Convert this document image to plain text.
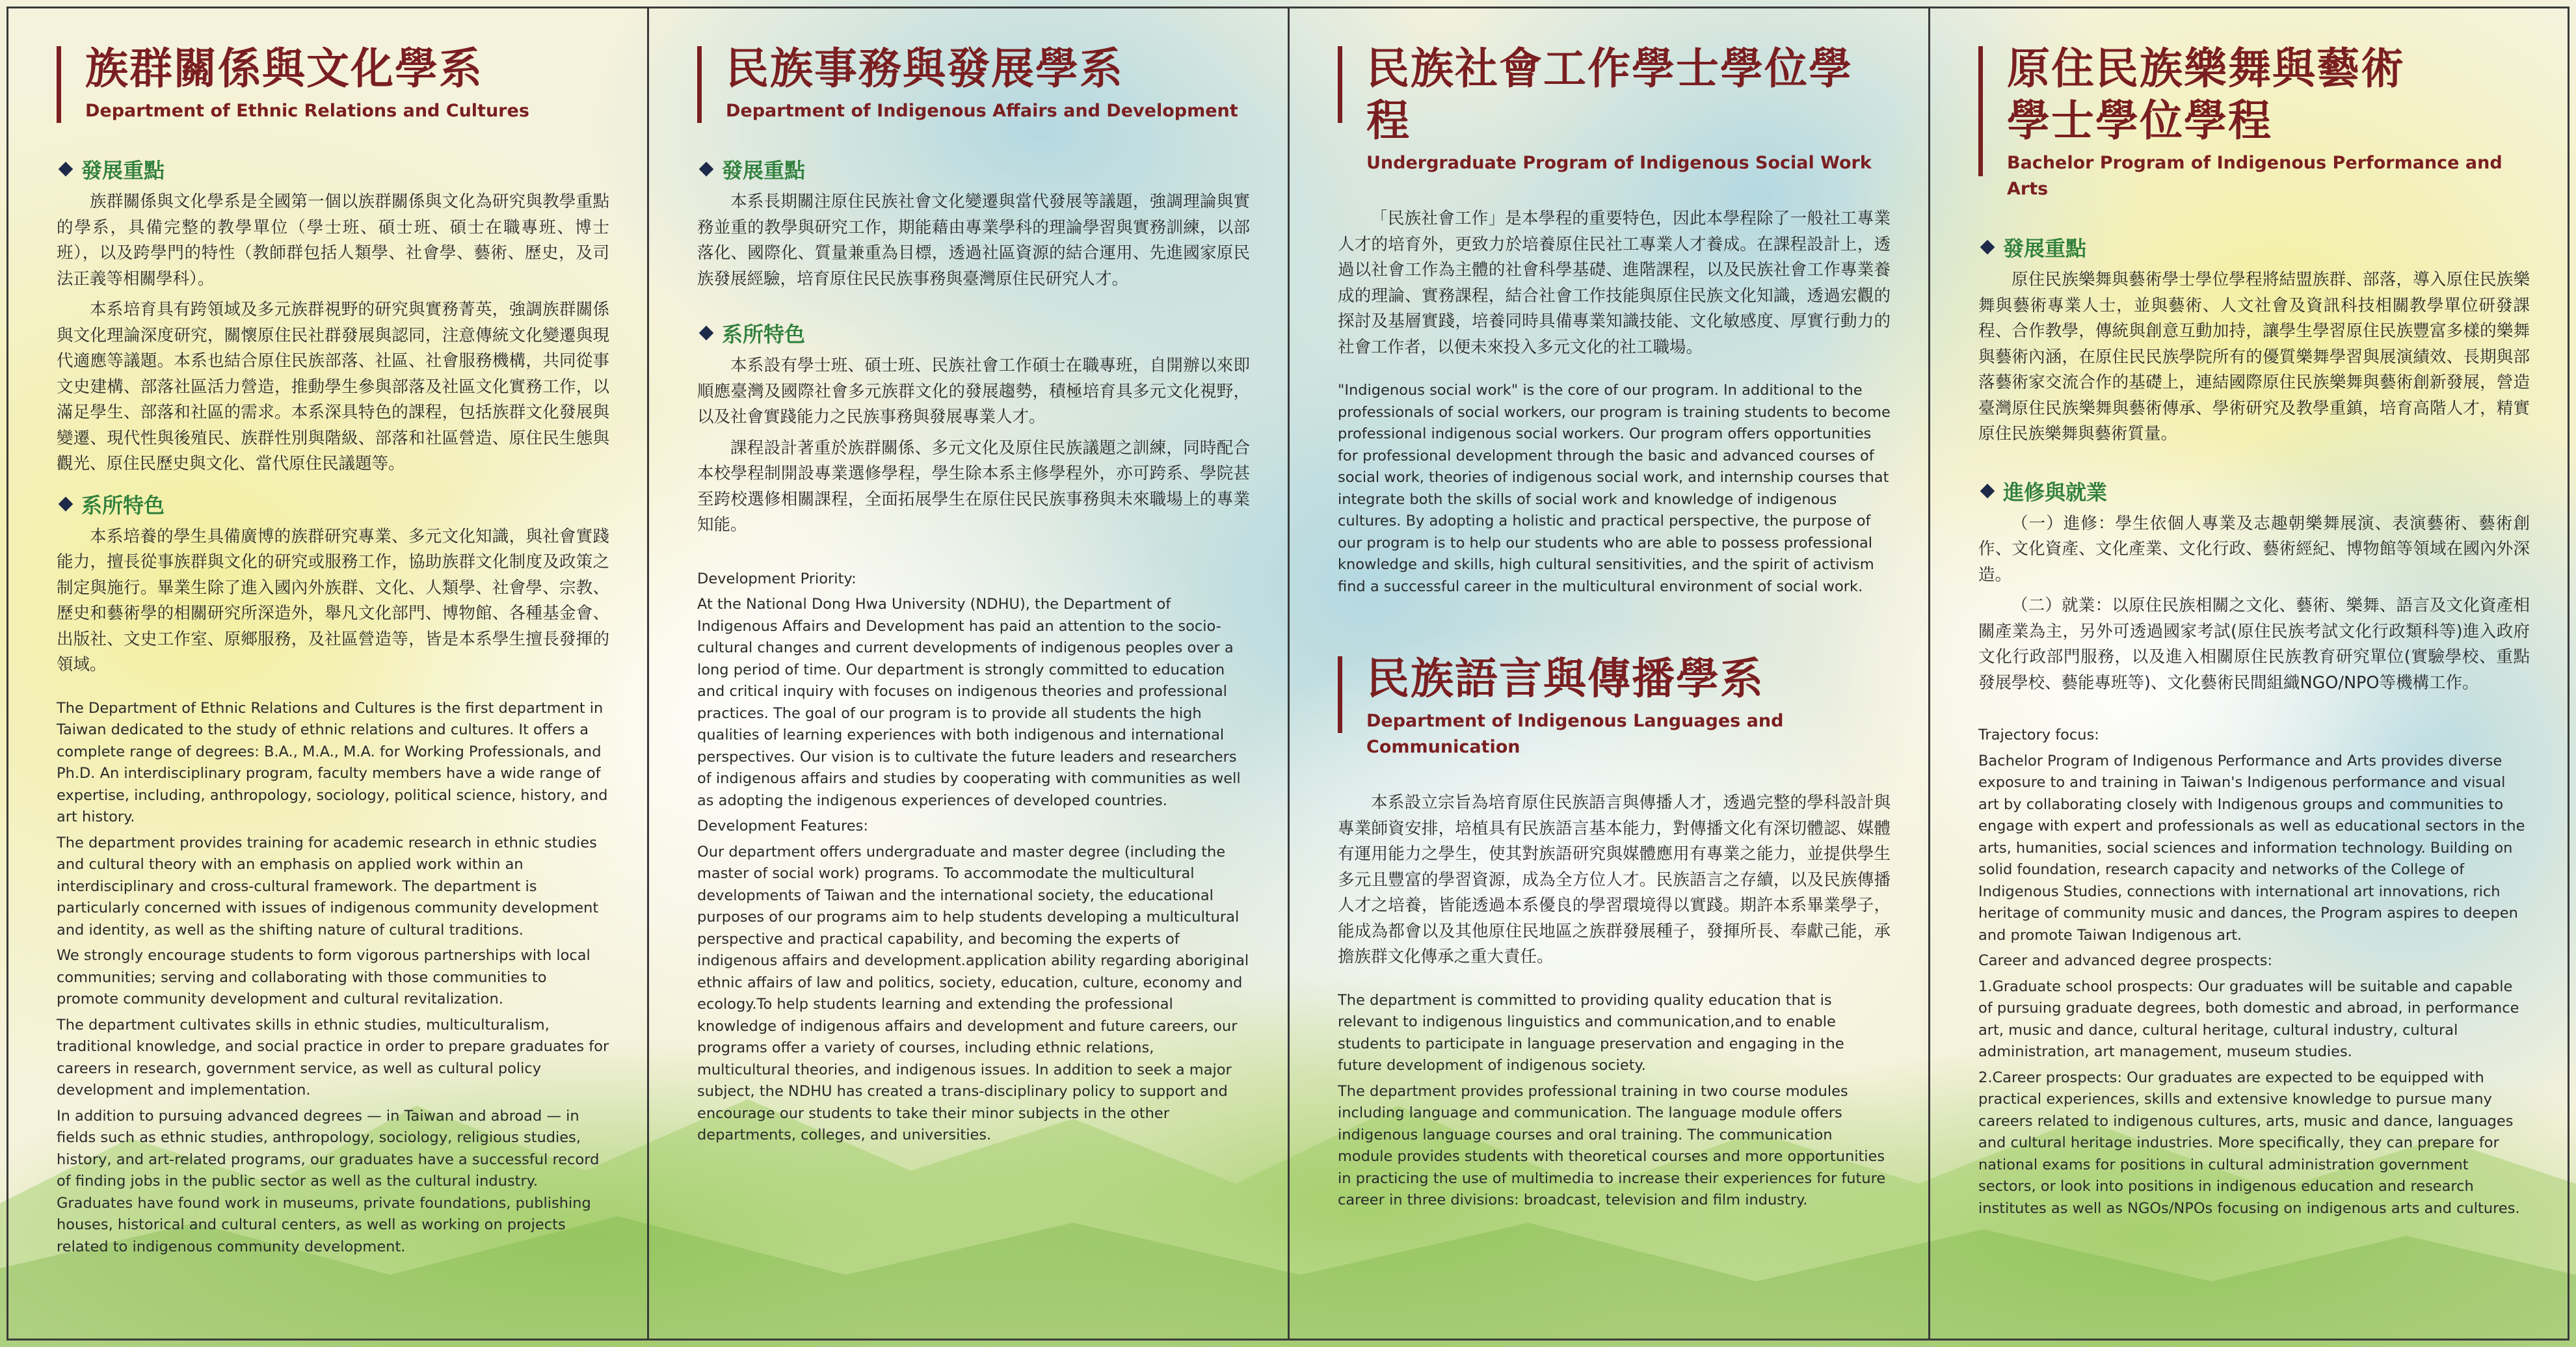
族群關係與文化學系
Department of Ethnic Relations and Cultures
發展重點

族群關係與文化學系是全國第一個以族群關係與文化為研究與教學重點的學系，具備完整的教學單位（學士班、碩士班、碩士在職專班、博士班），以及跨學門的特性（教師群包括人類學、社會學、藝術、歷史，及司法正義等相關學科）。

本系培育具有跨領域及多元族群視野的研究與實務菁英，強調族群關係與文化理論深度研究，關懷原住民社群發展與認同，注意傳統文化變遷與現代適應等議題。本系也結合原住民族部落、社區、社會服務機構，共同從事文史建構、部落社區活力營造，推動學生參與部落及社區文化實務工作，以滿足學生、部落和社區的需求。本系深具特色的課程，包括族群文化發展與變遷、現代性與後殖民、族群性別與階級、部落和社區營造、原住民生態與觀光、原住民歷史與文化、當代原住民議題等。

系所特色

本系培養的學生具備廣博的族群研究專業、多元文化知識，與社會實踐能力，擅長從事族群與文化的研究或服務工作，協助族群文化制度及政策之制定與施行。畢業生除了進入國內外族群、文化、人類學、社會學、宗教、歷史和藝術學的相關研究所深造外，舉凡文化部門、博物館、各種基金會、出版社、文史工作室、原鄉服務，及社區營造等，皆是本系學生擅長發揮的領域。

The Department of Ethnic Relations and Cultures is the first department in Taiwan dedicated to the study of ethnic relations and cultures. It offers a complete range of degrees: B.A., M.A., M.A. for Working Professionals, and Ph.D. An interdisciplinary program, faculty members have a wide range of expertise, including, anthropology, sociology, political science, history, and art history.

The department provides training for academic research in ethnic studies and cultural theory with an emphasis on applied work within an interdisciplinary and cross-cultural framework. The department is particularly concerned with issues of indigenous community development and identity, as well as the shifting nature of cultural traditions.

We strongly encourage students to form vigorous partnerships with local communities; serving and collaborating with those communities to promote community development and cultural revitalization.

The department cultivates skills in ethnic studies, multiculturalism, traditional knowledge, and social practice in order to prepare graduates for careers in research, government service, as well as cultural policy development and implementation.

In addition to pursuing advanced degrees — in Taiwan and abroad — in fields such as ethnic studies, anthropology, sociology, religious studies, history, and art-related programs, our graduates have a successful record of finding jobs in the public sector as well as the cultural industry. Graduates have found work in museums, private foundations, publishing houses, historical and cultural centers, as well as working on projects related to indigenous community development.

民族事務與發展學系
Department of Indigenous Affairs and Development
發展重點

本系長期關注原住民族社會文化變遷與當代發展等議題，強調理論與實務並重的教學與研究工作，期能藉由專業學科的理論學習與實務訓練，以部落化、國際化、質量兼重為目標，透過社區資源的結合運用、先進國家原民族發展經驗，培育原住民民族事務與臺灣原住民研究人才。

系所特色

本系設有學士班、碩士班、民族社會工作碩士在職專班，自開辦以來即順應臺灣及國際社會多元族群文化的發展趨勢，積極培育具多元文化視野，以及社會實踐能力之民族事務與發展專業人才。

課程設計著重於族群關係、多元文化及原住民族議題之訓練，同時配合本校學程制開設專業選修學程，學生除本系主修學程外，亦可跨系、學院甚至跨校選修相關課程，全面拓展學生在原住民民族事務與未來職場上的專業知能。

Development Priority:

At the National Dong Hwa University (NDHU), the Department of Indigenous Affairs and Development has paid an attention to the socio-cultural changes and current developments of indigenous peoples over a long period of time. Our department is strongly committed to education and critical inquiry with focuses on indigenous theories and professional practices. The goal of our program is to provide all students the high qualities of learning experiences with both indigenous and international perspectives. Our vision is to cultivate the future leaders and researchers of indigenous affairs and studies by cooperating with communities as well as adopting the indigenous experiences of developed countries.

Development Features:

Our department offers undergraduate and master degree (including the master of social work) programs. To accommodate the multicultural developments of Taiwan and the international society, the educational purposes of our programs aim to help students developing a multicultural perspective and practical capability, and becoming the experts of indigenous affairs and development.application ability regarding aboriginal ethnic affairs of law and politics, society, education, culture, economy and ecology.To help students learning and extending the professional knowledge of indigenous affairs and development and future careers, our programs offer a variety of courses, including ethnic relations, multicultural theories, and indigenous issues. In addition to seek a major subject, the NDHU has created a trans-disciplinary policy to support and encourage our students to take their minor subjects in the other departments, colleges, and universities.

民族社會工作學士學位學程
Undergraduate Program of Indigenous Social Work

「民族社會工作」是本學程的重要特色，因此本學程除了一般社工專業人才的培育外，更致力於培養原住民社工專業人才養成。在課程設計上，透過以社會工作為主體的社會科學基礎、進階課程，以及民族社會工作專業養成的理論、實務課程，結合社會工作技能與原住民族文化知識，透過宏觀的探討及基層實踐，培養同時具備專業知識技能、文化敏感度、厚實行動力的社會工作者，以便未來投入多元文化的社工職場。

"Indigenous social work" is the core of our program. In additional to the professionals of social workers, our program is training students to become professional indigenous social workers. Our program offers opportunities for professional development through the basic and advanced courses of social work, theories of indigenous social work, and internship courses that integrate both the skills of social work and knowledge of indigenous cultures. By adopting a holistic and practical perspective, the purpose of our program is to help our students who are able to possess professional knowledge and skills, high cultural sensitivities, and the spirit of activism find a successful career in the multicultural environment of social work.

民族語言與傳播學系
Department of Indigenous Languages and Communication

本系設立宗旨為培育原住民族語言與傳播人才，透過完整的學科設計與專業師資安排，培植具有民族語言基本能力，對傳播文化有深切體認、媒體有運用能力之學生，使其對族語研究與媒體應用有專業之能力，並提供學生多元且豐富的學習資源，成為全方位人才。民族語言之存續，以及民族傳播人才之培養，皆能透過本系優良的學習環境得以實踐。期許本系畢業學子，能成為都會以及其他原住民地區之族群發展種子，發揮所長、奉獻己能，承擔族群文化傳承之重大責任。

The department is committed to providing quality education that is relevant to indigenous linguistics and communication,and to enable students to participate in language preservation and engaging in the future development of indigenous society.

The department provides professional training in two course modules including language and communication. The language module offers indigenous language courses and oral training. The communication module provides students with theoretical courses and more opportunities in practicing the use of multimedia to increase their experiences for future career in three divisions: broadcast, television and film industry.

原住民族樂舞與藝術
學士學位學程
Bachelor Program of Indigenous Performance and Arts
發展重點

原住民族樂舞與藝術學士學位學程將結盟族群、部落，導入原住民族樂舞與藝術專業人士，並與藝術、人文社會及資訊科技相關教學單位研發課程、合作教學，傳統與創意互動加持，讓學生學習原住民族豐富多樣的樂舞與藝術內涵，在原住民民族學院所有的優質樂舞學習與展演績效、長期與部落藝術家交流合作的基礎上，連結國際原住民族樂舞與藝術創新發展，營造臺灣原住民族樂舞與藝術傳承、學術研究及教學重鎮，培育高階人才，精實原住民族樂舞與藝術質量。

進修與就業

（一）進修：學生依個人專業及志趣朝樂舞展演、表演藝術、藝術創作、文化資產、文化產業、文化行政、藝術經紀、博物館等領域在國內外深造。

（二）就業：以原住民族相關之文化、藝術、樂舞、語言及文化資產相關產業為主，另外可透過國家考試(原住民族考試文化行政類科等)進入政府文化行政部門服務，以及進入相關原住民族教育研究單位(實驗學校、重點發展學校、藝能專班等)、文化藝術民間組織NGO/NPO等機構工作。

Trajectory focus:

Bachelor Program of Indigenous Performance and Arts provides diverse exposure to and training in Taiwan's Indigenous performance and visual art by collaborating closely with Indigenous groups and communities to engage with expert and professionals as well as educational sectors in the arts, humanities, social sciences and information technology. Building on solid foundation, research capacity and networks of the College of Indigenous Studies, connections with international art innovations, rich heritage of community music and dances, the Program aspires to deepen and promote Taiwan Indigenous art.

Career and advanced degree prospects:

1.Graduate school prospects: Our graduates will be suitable and capable of pursuing graduate degrees, both domestic and abroad, in performance art, music and dance, cultural heritage, cultural industry, cultural administration, art management, museum studies.

2.Career prospects: Our graduates are expected to be equipped with practical experiences, skills and extensive knowledge to pursue many careers related to indigenous cultures, arts, music and dance, languages and cultural heritage industries. More specifically, they can prepare for national exams for positions in cultural administration government sectors, or look into positions in indigenous education and research institutes as well as NGOs/NPOs focusing on indigenous arts and cultures.
